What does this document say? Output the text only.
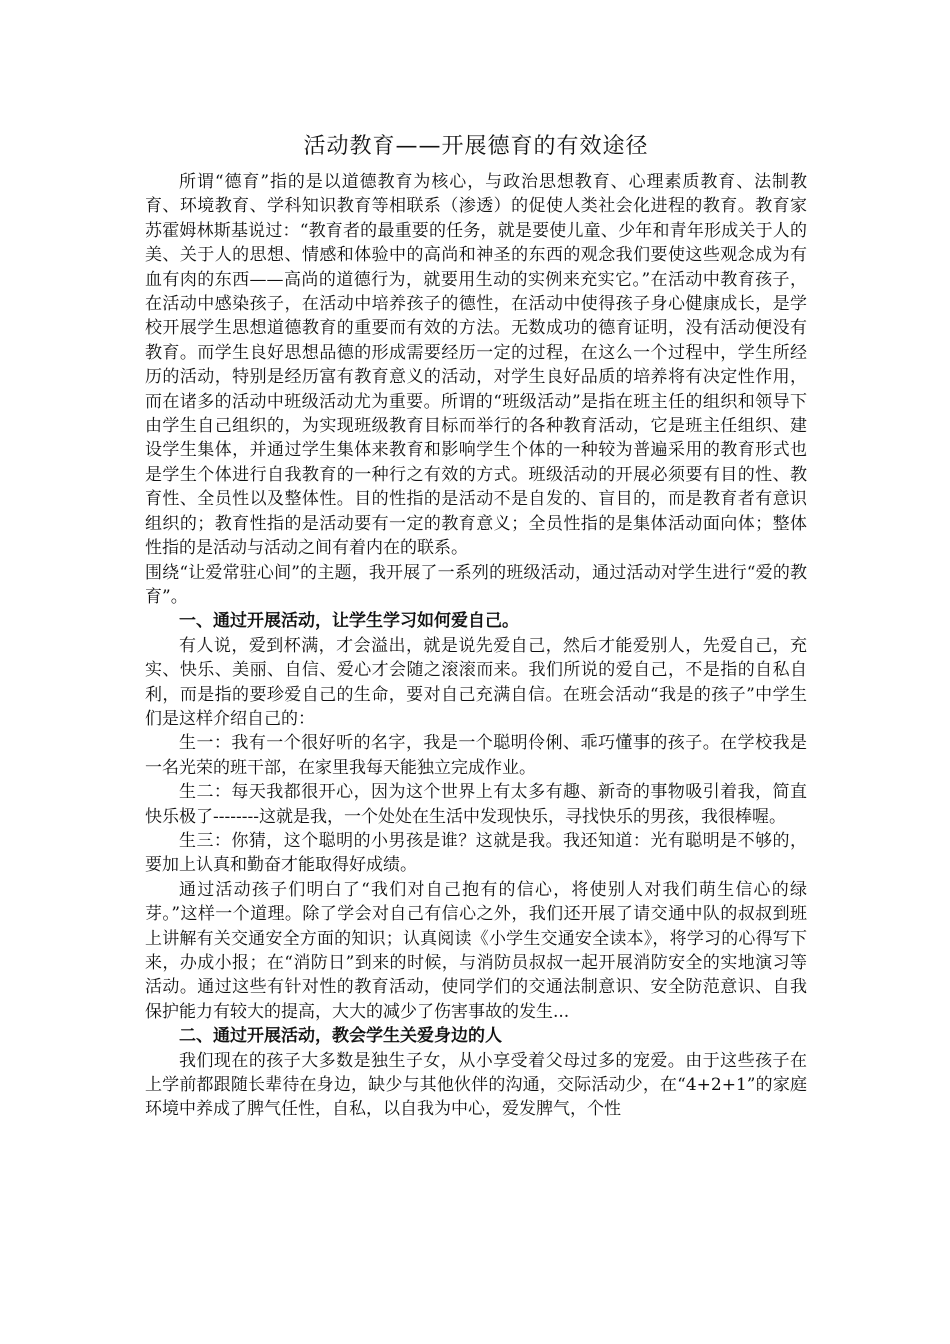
活动教育——开展德育的有效途径

所谓“德育”指的是以道德教育为核心，与政治思想教育、心理素质教育、法制教育、环境教育、学科知识教育等相联系（渗透）的促使人类社会化进程的教育。教育家苏霍姆林斯基说过：“教育者的最重要的任务，就是要使儿童、少年和青年形成关于人的美、关于人的思想、情感和体验中的高尚和神圣的东西的观念我们要使这些观念成为有血有肉的东西——高尚的道德行为，就要用生动的实例来充实它。”在活动中教育孩子，在活动中感染孩子，在活动中培养孩子的德性，在活动中使得孩子身心健康成长，是学校开展学生思想道德教育的重要而有效的方法。无数成功的德育证明，没有活动便没有教育。而学生良好思想品德的形成需要经历一定的过程，在这么一个过程中，学生所经历的活动，特别是经历富有教育意义的活动，对学生良好品质的培养将有决定性作用，而在诸多的活动中班级活动尤为重要。所谓的“班级活动”是指在班主任的组织和领导下由学生自己组织的，为实现班级教育目标而举行的各种教育活动，它是班主任组织、建设学生集体，并通过学生集体来教育和影响学生个体的一种较为普遍采用的教育形式也是学生个体进行自我教育的一种行之有效的方式。班级活动的开展必须要有目的性、教育性、全员性以及整体性。目的性指的是活动不是自发的、盲目的，而是教育者有意识组织的；教育性指的是活动要有一定的教育意义；全员性指的是集体活动面向体；整体性指的是活动与活动之间有着内在的联系。

围绕“让爱常驻心间”的主题，我开展了一系列的班级活动，通过活动对学生进行“爱的教育”。

一、通过开展活动，让学生学习如何爱自己。

有人说，爱到杯满，才会溢出，就是说先爱自己，然后才能爱别人，先爱自己，充实、快乐、美丽、自信、爱心才会随之滚滚而来。我们所说的爱自己，不是指的自私自利，而是指的要珍爱自己的生命，要对自己充满自信。在班会活动“我是的孩子”中学生们是这样介绍自己的：

生一：我有一个很好听的名字，我是一个聪明伶俐、乖巧懂事的孩子。在学校我是一名光荣的班干部，在家里我每天能独立完成作业。

生二：每天我都很开心，因为这个世界上有太多有趣、新奇的事物吸引着我，简直快乐极了--------这就是我，一个处处在生活中发现快乐，寻找快乐的男孩，我很棒喔。

生三：你猜，这个聪明的小男孩是谁？这就是我。我还知道：光有聪明是不够的，要加上认真和勤奋才能取得好成绩。

通过活动孩子们明白了“我们对自己抱有的信心，将使别人对我们萌生信心的绿芽。”这样一个道理。除了学会对自己有信心之外，我们还开展了请交通中队的叔叔到班上讲解有关交通安全方面的知识；认真阅读《小学生交通安全读本》，将学习的心得写下来，办成小报；在“消防日”到来的时候，与消防员叔叔一起开展消防安全的实地演习等活动。通过这些有针对性的教育活动，使同学们的交通法制意识、安全防范意识、自我保护能力有较大的提高，大大的减少了伤害事故的发生...

二、通过开展活动，教会学生关爱身边的人

我们现在的孩子大多数是独生子女，从小享受着父母过多的宠爱。由于这些孩子在上学前都跟随长辈待在身边，缺少与其他伙伴的沟通，交际活动少，在“4+2+1”的家庭环境中养成了脾气任性，自私，以自我为中心，爱发脾气，个性
